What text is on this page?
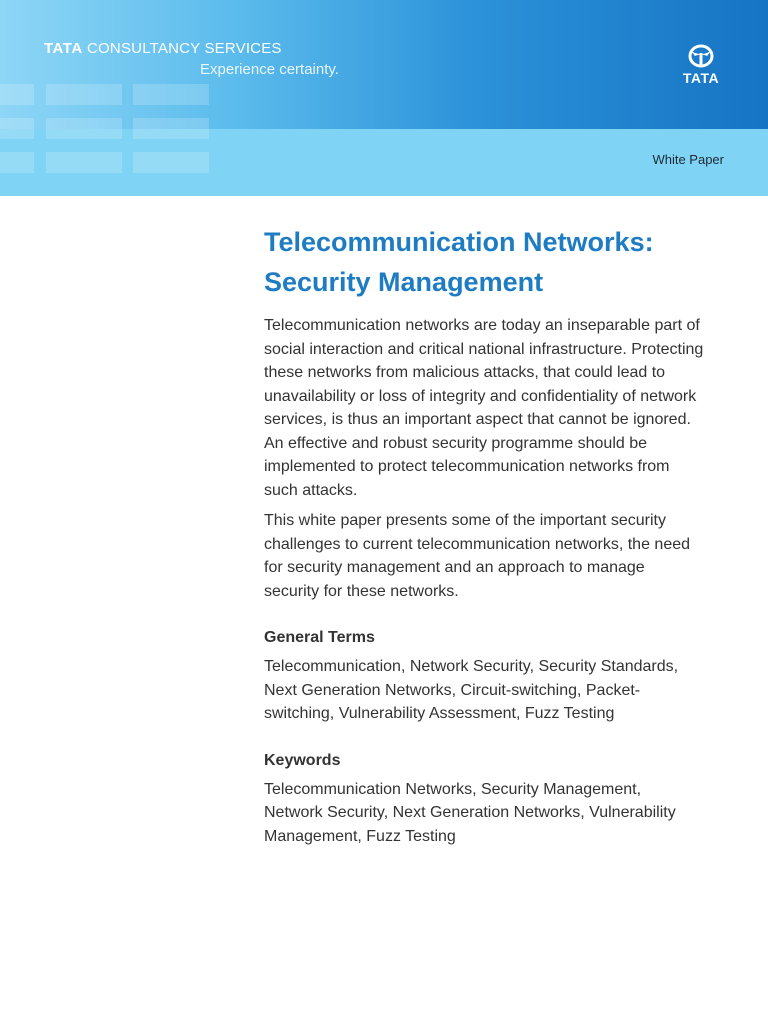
TATA CONSULTANCY SERVICES
Experience certainty.	TATA
White Paper
Telecommunication Networks:
Security Management

Telecommunication networks are today an inseparable part of social interaction and critical national infrastructure. Protecting these networks from malicious attacks, that could lead to unavailability or loss of integrity and confidentiality of network services, is thus an important aspect that cannot be ignored. An effective and robust security programme should be implemented to protect telecommunication networks from such attacks.

This white paper presents some of the important security challenges to current telecommunication networks, the need for security management and an approach to manage security for these networks.

General Terms

Telecommunication, Network Security, Security Standards, Next Generation Networks, Circuit-switching, Packet-switching, Vulnerability Assessment, Fuzz Testing

Keywords

Telecommunication Networks, Security Management, Network Security, Next Generation Networks, Vulnerability Management, Fuzz Testing
